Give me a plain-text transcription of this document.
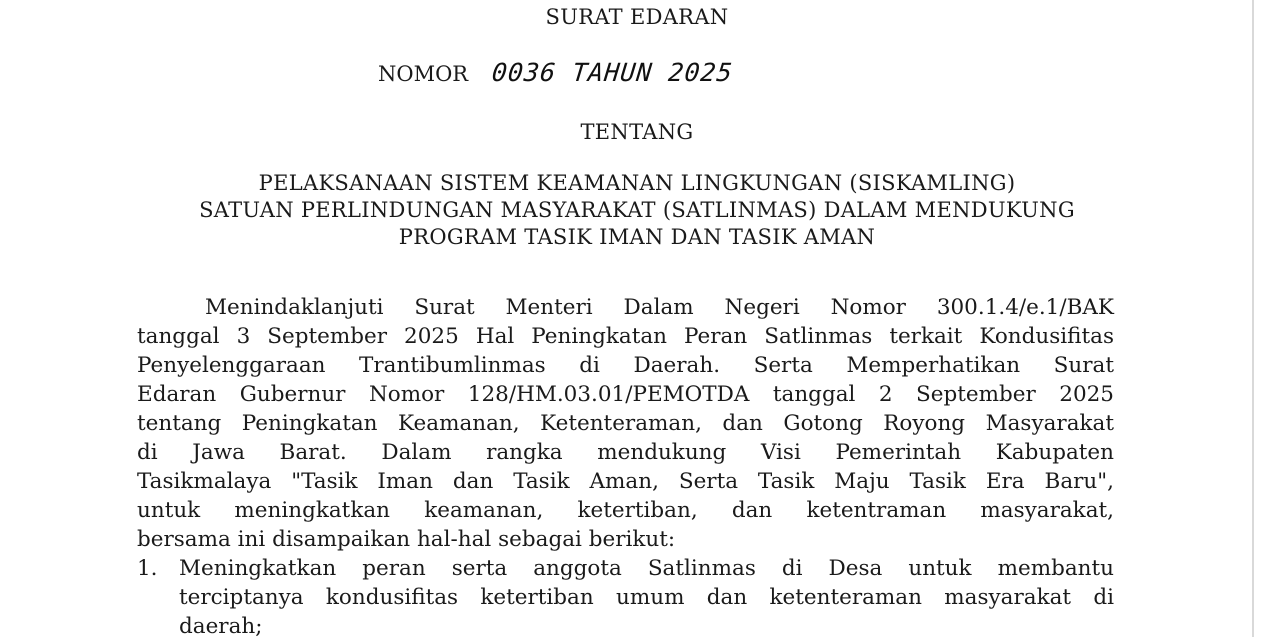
SURAT EDARAN
NOMOR 0036 TAHUN 2025
TENTANG
PELAKSANAAN SISTEM KEAMANAN LINGKUNGAN (SISKAMLING)
SATUAN PERLINDUNGAN MASYARAKAT (SATLINMAS) DALAM MENDUKUNG
PROGRAM TASIK IMAN DAN TASIK AMAN
Menindaklanjuti Surat Menteri Dalam Negeri Nomor 300.1.4/e.1/BAK
tanggal 3 September 2025 Hal Peningkatan Peran Satlinmas terkait Kondusifitas
Penyelenggaraan Trantibumlinmas di Daerah. Serta Memperhatikan Surat
Edaran Gubernur Nomor 128/HM.03.01/PEMOTDA tanggal 2 September 2025
tentang Peningkatan Keamanan, Ketenteraman, dan Gotong Royong Masyarakat
di Jawa Barat. Dalam rangka mendukung Visi Pemerintah Kabupaten
Tasikmalaya "Tasik Iman dan Tasik Aman, Serta Tasik Maju Tasik Era Baru",
untuk meningkatkan keamanan, ketertiban, dan ketentraman masyarakat,
bersama ini disampaikan hal-hal sebagai berikut:
1. Meningkatkan peran serta anggota Satlinmas di Desa untuk membantu
terciptanya kondusifitas ketertiban umum dan ketenteraman masyarakat di
daerah;
